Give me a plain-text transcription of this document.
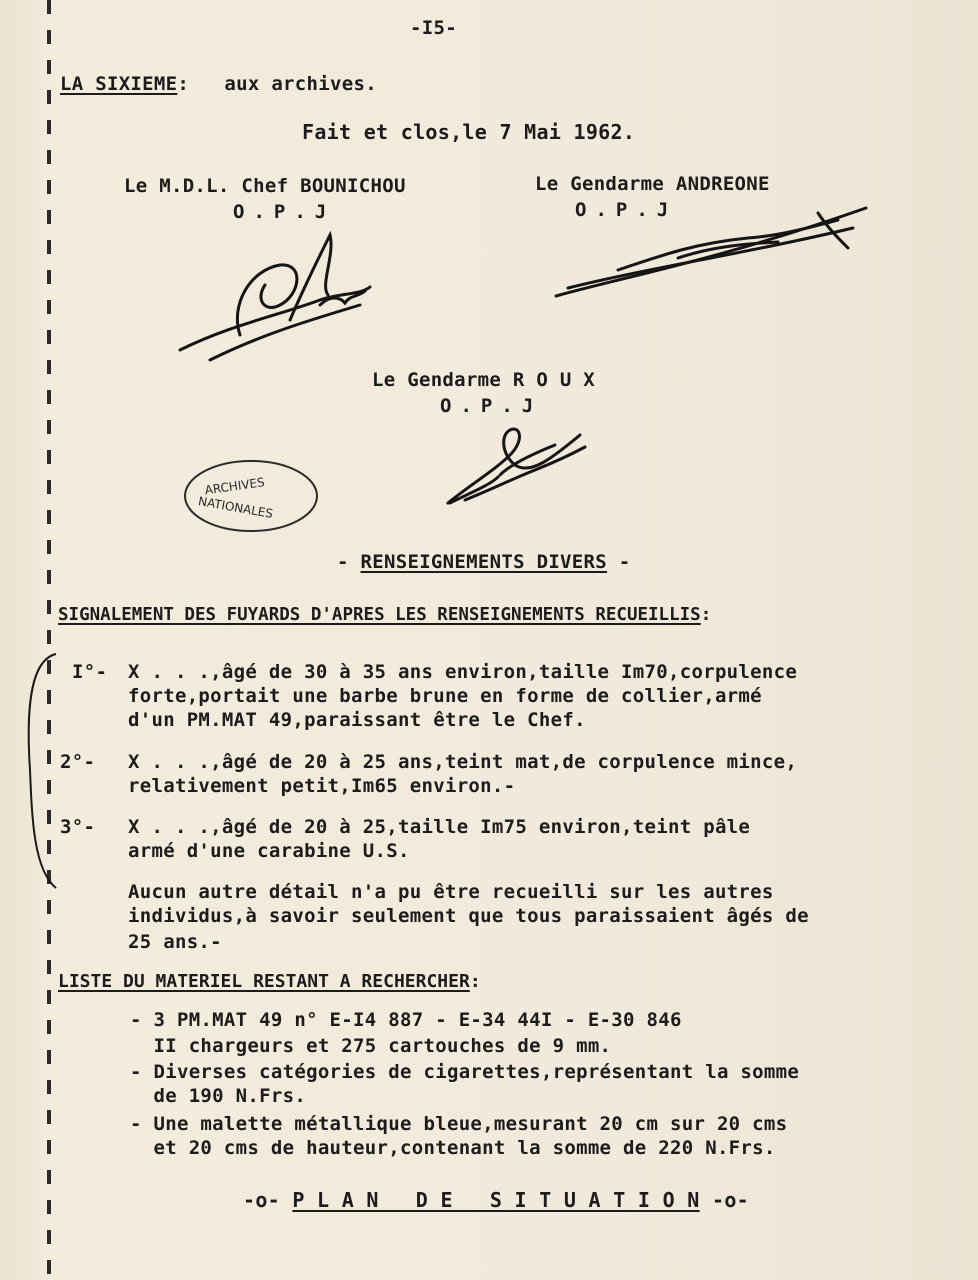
-I5-
LA SIXIEME: aux archives.
Fait et clos,le 7 Mai 1962.
Le M.D.L. Chef BOUNICHOU
O.P.J
Le Gendarme ANDREONE
O.P.J
Le Gendarme R O U X
O.P.J
ARCHIVES
NATIONALES
- RENSEIGNEMENTS DIVERS -
SIGNALEMENT DES FUYARDS D'APRES LES RENSEIGNEMENTS RECUEILLIS:
I°- X . . .,âgé de 30 à 35 ans environ,taille Im70,corpulence
forte,portait une barbe brune en forme de collier,armé
d'un PM.MAT 49,paraissant être le Chef.
2°- X . . .,âgé de 20 à 25 ans,teint mat,de corpulence mince,
relativement petit,Im65 environ.-
3°- X . . .,âgé de 20 à 25,taille Im75 environ,teint pâle
armé d'une carabine U.S.
Aucun autre détail n'a pu être recueilli sur les autres
individus,à savoir seulement que tous paraissaient âgés de
25 ans.-
LISTE DU MATERIEL RESTANT A RECHERCHER:
- 3 PM.MAT 49 n° E-I4 887 - E-34 44I - E-30 846
II chargeurs et 275 cartouches de 9 mm.
- Diverses catégories de cigarettes,représentant la somme
de 190 N.Frs.
- Une malette métallique bleue,mesurant 20 cm sur 20 cms
et 20 cms de hauteur,contenant la somme de 220 N.Frs.
-o- P L A N   D E   S I T U A T I O N -o-
